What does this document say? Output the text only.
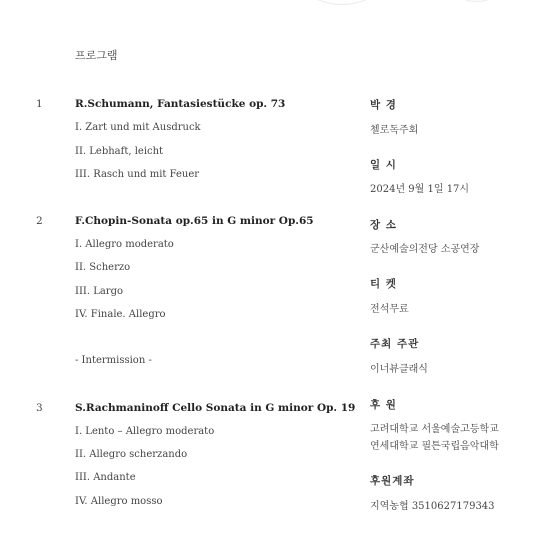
프로그램
1	R.Schumann, Fantasiestücke op. 73
I. Zart und mit Ausdruck
II. Lebhaft, leicht
III. Rasch und mit Feuer
2	F.Chopin-Sonata op.65 in G minor Op.65
I. Allegro moderato
II. Scherzo
III. Largo
IV. Finale. Allegro
- Intermission -
3	S.Rachmaninoff Cello Sonata in G minor Op. 19
I. Lento – Allegro moderato
II. Allegro scherzando
III. Andante
IV. Allegro mosso
박 경
첼로독주회
일 시
2024년 9월 1일 17시
장 소
군산예술의전당 소공연장
티 켓
전석무료
주최 주관
이너뷰클래식
후 원
고려대학교 서울예술고등학교
연세대학교 필튼국립음악대학
후원계좌
지역농협 3510627179343
